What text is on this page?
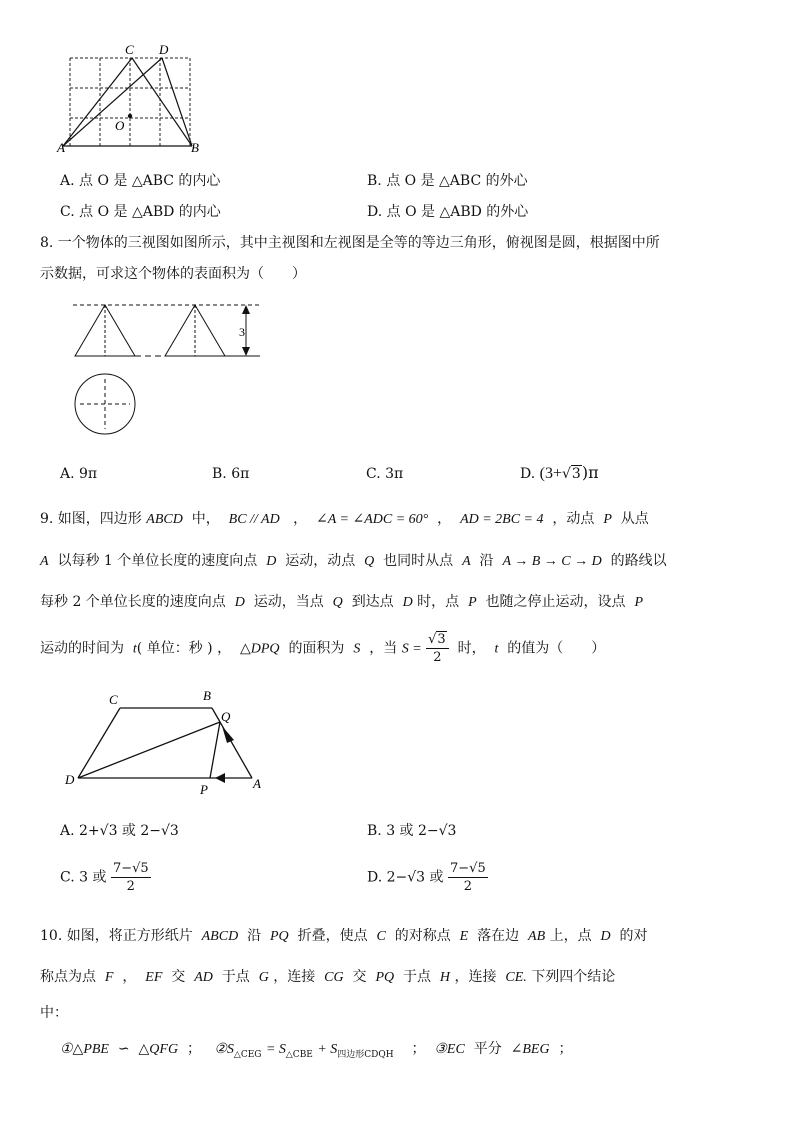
C D
O
A	B
A. 点 O 是 △ABC 的内心	B. 点 O 是 △ABC 的外心
C. 点 O 是 △ABD 的内心	D. 点 O 是 △ABD 的外心
8. 一个物体的三视图如图所示，其中主视图和左视图是全等的等边三角形，俯视图是圆，根据图中所
示数据，可求这个物体的表面积为（　　）
3
A. 9π	B. 6π	C. 3π	D. (3+√3)π
9. 如图，四边形 ABCD 中， BC // AD ， ∠A = ∠ADC = 60° ， AD = 2BC = 4 ，动点 P 从点
A 以每秒 1 个单位长度的速度向点 D 运动，动点 Q 也同时从点 A 沿 A → B → C → D 的路线以
每秒 2 个单位长度的速度向点 D 运动，当点 Q 到达点 D 时，点 P 也随之停止运动，设点 P
运动的时间为 t( 单位：秒 ) ， △DPQ 的面积为 S ，当 $S = \frac{√3}{2}$ 时， t 的值为（　　）
C	B
Q
D
P	A
A. 2+√3 或 2−√3	B. 3 或 2−√3
C. 3 或 $\frac{7-√5}{2}$	D. 2−√3 或 $\frac{7-√5}{2}$
10. 如图，将正方形纸片 ABCD 沿 PQ 折叠，使点 C 的对称点 E 落在边 AB 上，点 D 的对
称点为点 F ， EF 交 AD 于点 G ，连接 CG 交 PQ 于点 H ，连接 CE. 下列四个结论
中：
①△PBE ∽ △QFG ； $②S_{\triangle CEG} = S_{\triangle CBE} + S_{四边形CDQH}$ ； ③EC 平分 ∠BEG ；
